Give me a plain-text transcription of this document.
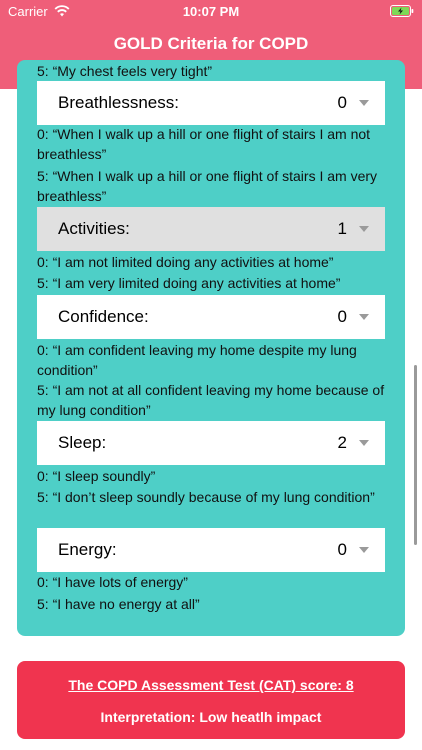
Carrier	10:07 PM
GOLD Criteria for COPD
5: “My chest feels very tight”
Breathlessness:	0
0: “When I walk up a hill or one flight of stairs I am not breathless”
5: “When I walk up a hill or one flight of stairs I am very breathless”
Activities:	1
0: “I am not limited doing any activities at home”
5: “I am very limited doing any activities at home”
Confidence:	0
0: “I am confident leaving my home despite my lung condition”
5: “I am not at all confident leaving my home because of my lung condition”
Sleep:	2
0: “I sleep soundly”
5: “I don’t sleep soundly because of my lung condition”
Energy:	0
0: “I have lots of energy”
5: “I have no energy at all”
The COPD Assessment Test (CAT) score: 8
Interpretation: Low heatlh impact
